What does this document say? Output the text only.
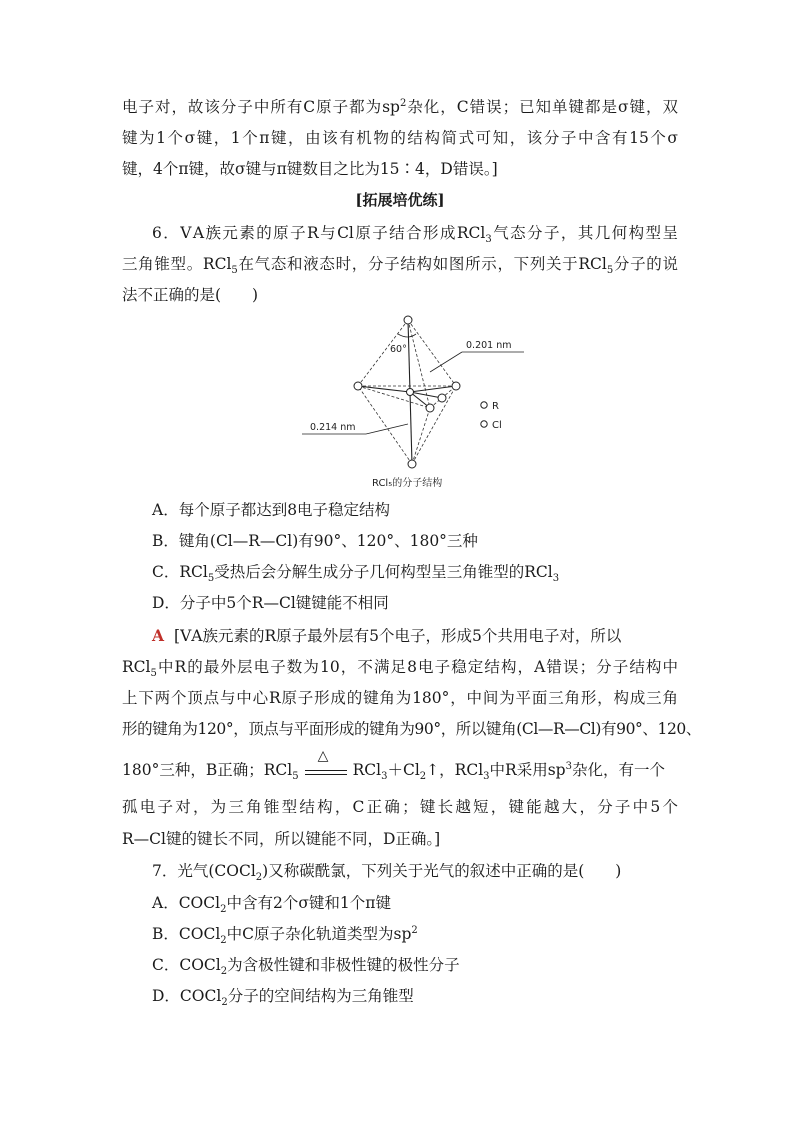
电子对，故该分子中所有C原子都为$sp^2$杂化，C错误；已知单键都是σ键，双
键为1个σ键，1个π键，由该有机物的结构简式可知，该分子中含有15个σ
键，4个π键，故σ键与π键数目之比为15∶4，D错误。]
[拓展培优练]
6．ⅤA族元素的原子R与Cl原子结合形成RCl$_3$气态分子，其几何构型呈
三角锥型。RCl$_5$在气态和液态时，分子结构如图所示，下列关于RCl$_5$分子的说
法不正确的是(　　)
R
Cl
60°	0.201 nm
0.214 nm
RCl₅的分子结构
A．每个原子都达到8电子稳定结构
B．键角(Cl—R—Cl)有90°、120°、180°三种
C．RCl$_5$受热后会分解生成分子几何构型呈三角锥型的RCl$_3$
D．分子中5个R—Cl键键能不相同
A [ⅤA族元素的R原子最外层有5个电子，形成5个共用电子对，所以
RCl$_5$中R的最外层电子数为10，不满足8电子稳定结构，A错误；分子结构中
上下两个顶点与中心R原子形成的键角为180°，中间为平面三角形，构成三角
形的键角为120°，顶点与平面形成的键角为90°，所以键角(Cl—R—Cl)有90°、120、
180°三种，B正确；RCl$_5$
△
$RCl_3+Cl_2↑$，RCl$_3$中R采用$sp^3$杂化，有一个
孤电子对，为三角锥型结构，C正确；键长越短，键能越大，分子中5个
R—Cl键的键长不同，所以键能不同，D正确。]
7．光气(COCl$_2$)又称碳酰氯，下列关于光气的叙述中正确的是(　　)
A．COCl$_2$中含有2个σ键和1个π键
B．COCl$_2$中C原子杂化轨道类型为$sp^2$
C．COCl$_2$为含极性键和非极性键的极性分子
D．COCl$_2$分子的空间结构为三角锥型
